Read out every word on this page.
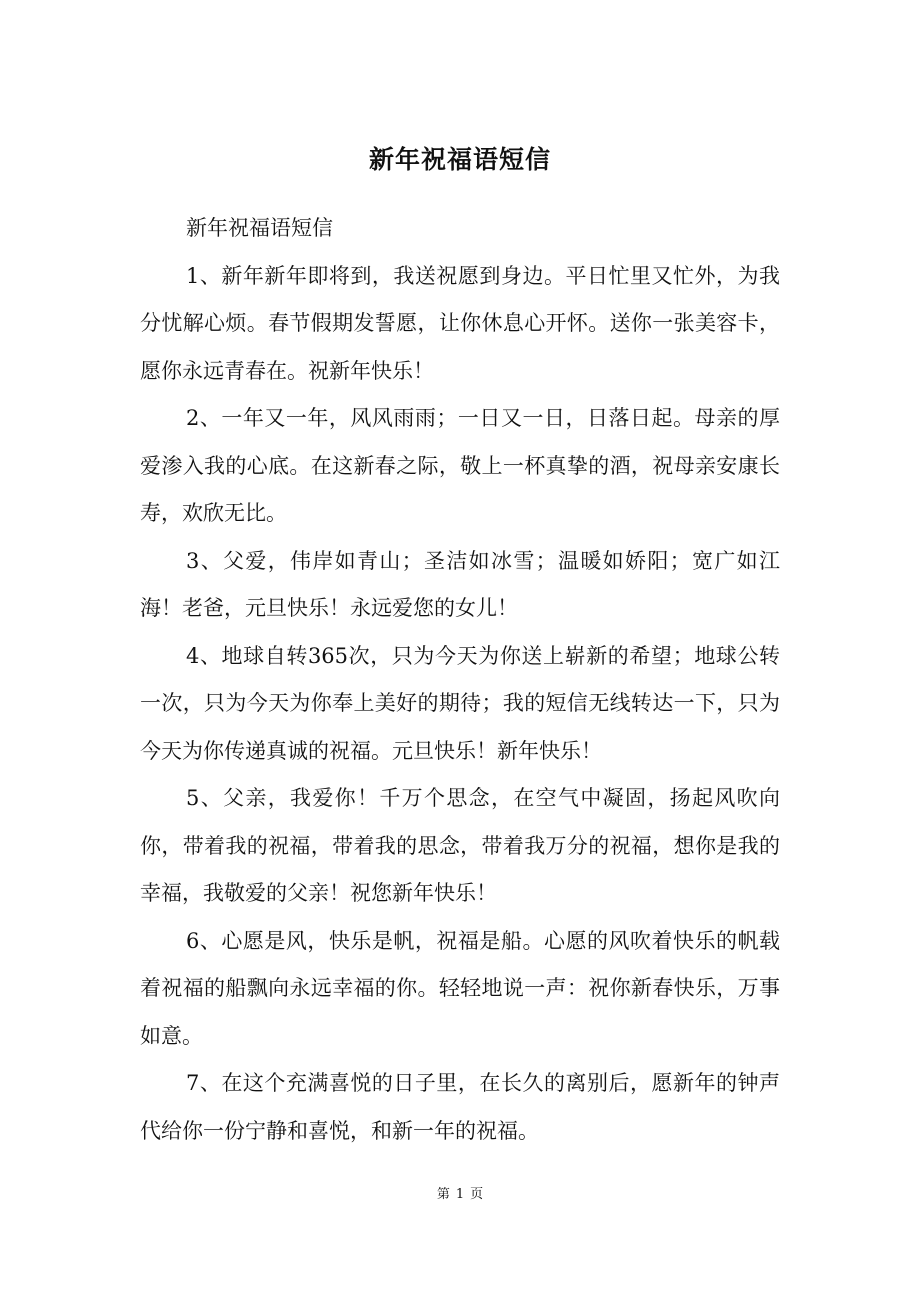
新年祝福语短信

新年祝福语短信

1、新年新年即将到，我送祝愿到身边。平日忙里又忙外，为我分忧解心烦。春节假期发誓愿，让你休息心开怀。送你一张美容卡，愿你永远青春在。祝新年快乐！

2、一年又一年，风风雨雨；一日又一日，日落日起。母亲的厚爱渗入我的心底。在这新春之际，敬上一杯真挚的酒，祝母亲安康长寿，欢欣无比。

3、父爱，伟岸如青山；圣洁如冰雪；温暖如娇阳；宽广如江海！老爸，元旦快乐！永远爱您的女儿！

4、地球自转365次，只为今天为你送上崭新的希望；地球公转一次，只为今天为你奉上美好的期待；我的短信无线转达一下，只为今天为你传递真诚的祝福。元旦快乐！新年快乐！

5、父亲，我爱你！千万个思念，在空气中凝固，扬起风吹向你，带着我的祝福，带着我的思念，带着我万分的祝福，想你是我的幸福，我敬爱的父亲！祝您新年快乐！

6、心愿是风，快乐是帆，祝福是船。心愿的风吹着快乐的帆载着祝福的船飘向永远幸福的你。轻轻地说一声：祝你新春快乐，万事如意。

7、在这个充满喜悦的日子里，在长久的离别后，愿新年的钟声代给你一份宁静和喜悦，和新一年的祝福。

第 1 页
